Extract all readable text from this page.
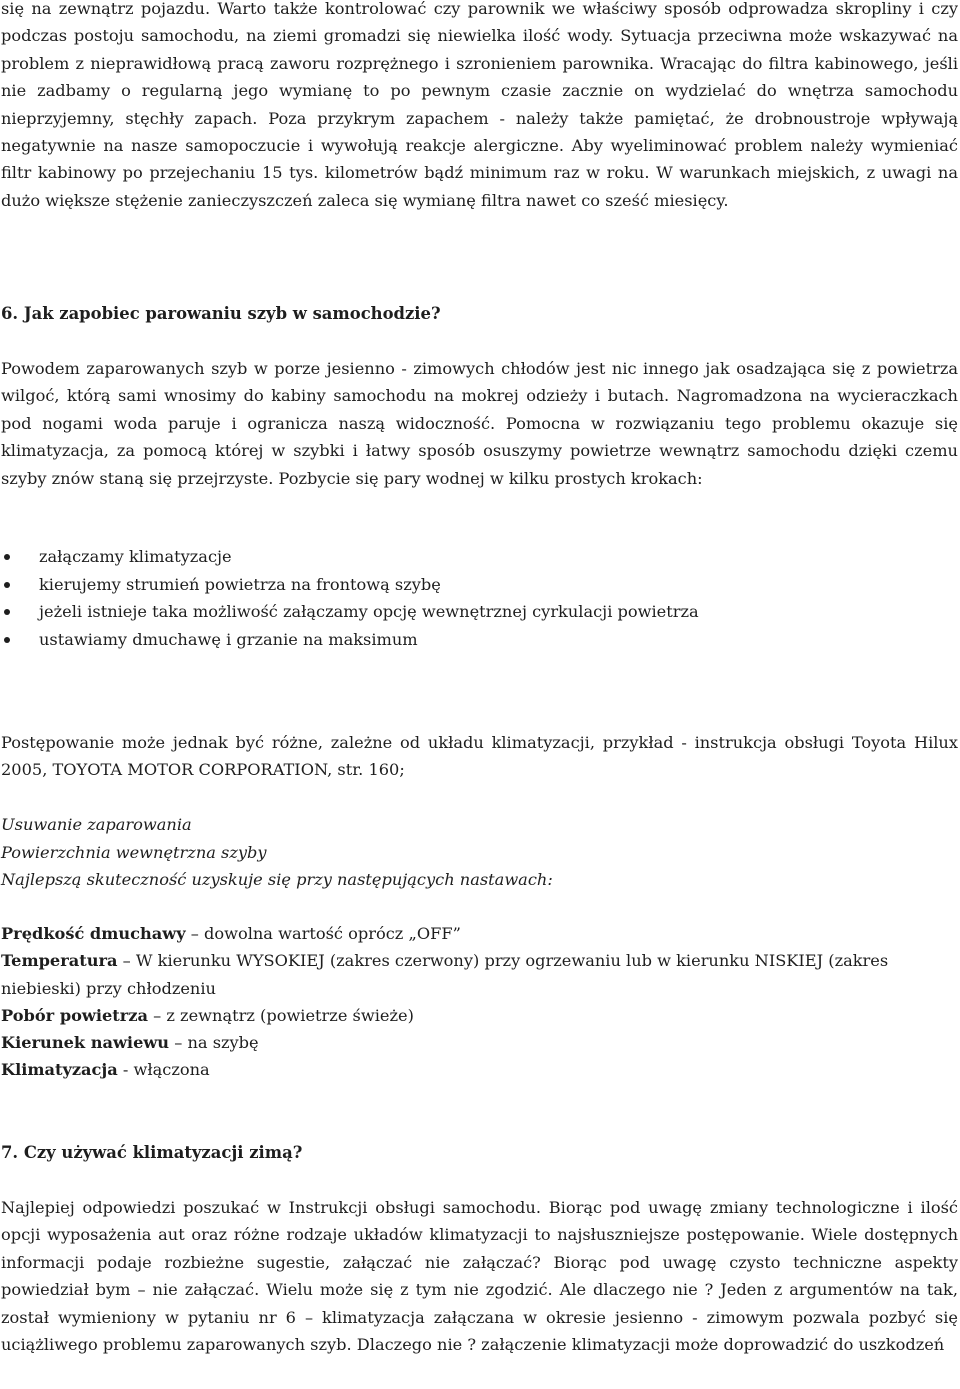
się na zewnątrz pojazdu. Warto także kontrolować czy parownik we właściwy sposób odprowadza skropliny i czy podczas postoju samochodu, na ziemi gromadzi się niewielka ilość wody. Sytuacja przeciwna może wskazywać na problem z nieprawidłową pracą zaworu rozprężnego i szronieniem parownika. Wracając do filtra kabinowego, jeśli nie zadbamy o regularną jego wymianę to po pewnym czasie zacznie on wydzielać do wnętrza samochodu nieprzyjemny, stęchły zapach. Poza przykrym zapachem - należy także pamiętać, że drobnoustroje wpływają negatywnie na nasze samopoczucie i wywołują reakcje alergiczne. Aby wyeliminować problem należy wymieniać filtr kabinowy po przejechaniu 15 tys. kilometrów bądź minimum raz w roku. W warunkach miejskich, z uwagi na dużo większe stężenie zanieczyszczeń zaleca się wymianę filtra nawet co sześć miesięcy.

6. Jak zapobiec parowaniu szyb w samochodzie?

Powodem zaparowanych szyb w porze jesienno - zimowych chłodów jest nic innego jak osadzająca się z powietrza wilgoć, którą sami wnosimy do kabiny samochodu na mokrej odzieży i butach. Nagromadzona na wycieraczkach pod nogami woda paruje i ogranicza naszą widoczność. Pomocna w rozwiązaniu tego problemu okazuje się klimatyzacja, za pomocą której w szybki i łatwy sposób osuszymy powietrze wewnątrz samochodu dzięki czemu szyby znów staną się przejrzyste. Pozbycie się pary wodnej w kilku prostych krokach:

załączamy klimatyzacje
kierujemy strumień powietrza na frontową szybę
jeżeli istnieje taka możliwość załączamy opcję wewnętrznej cyrkulacji powietrza
ustawiamy dmuchawę i grzanie na maksimum

Postępowanie może jednak być różne, zależne od układu klimatyzacji, przykład - instrukcja obsługi Toyota Hilux 2005, TOYOTA MOTOR CORPORATION, str. 160;

Usuwanie zaparowania
Powierzchnia wewnętrzna szyby
Najlepszą skuteczność uzyskuje się przy następujących nastawach:

Prędkość dmuchawy – dowolna wartość oprócz „OFF”
Temperatura – W kierunku WYSOKIEJ (zakres czerwony) przy ogrzewaniu lub w kierunku NISKIEJ (zakres niebieski) przy chłodzeniu
Pobór powietrza – z zewnątrz (powietrze świeże)
Kierunek nawiewu – na szybę
Klimatyzacja - włączona
7. Czy używać klimatyzacji zimą?

Najlepiej odpowiedzi poszukać w Instrukcji obsługi samochodu. Biorąc pod uwagę zmiany technologiczne i ilość opcji wyposażenia aut oraz różne rodzaje układów klimatyzacji to najsłuszniejsze postępowanie. Wiele dostępnych informacji podaje rozbieżne sugestie, załączać nie załączać? Biorąc pod uwagę czysto techniczne aspekty powiedział bym – nie załączać. Wielu może się z tym nie zgodzić. Ale dlaczego nie ? Jeden z argumentów na tak, został wymieniony w pytaniu nr 6 – klimatyzacja załączana w okresie jesienno - zimowym pozwala pozbyć się uciążliwego problemu zaparowanych szyb. Dlaczego nie ? załączenie klimatyzacji może doprowadzić do uszkodzeń
